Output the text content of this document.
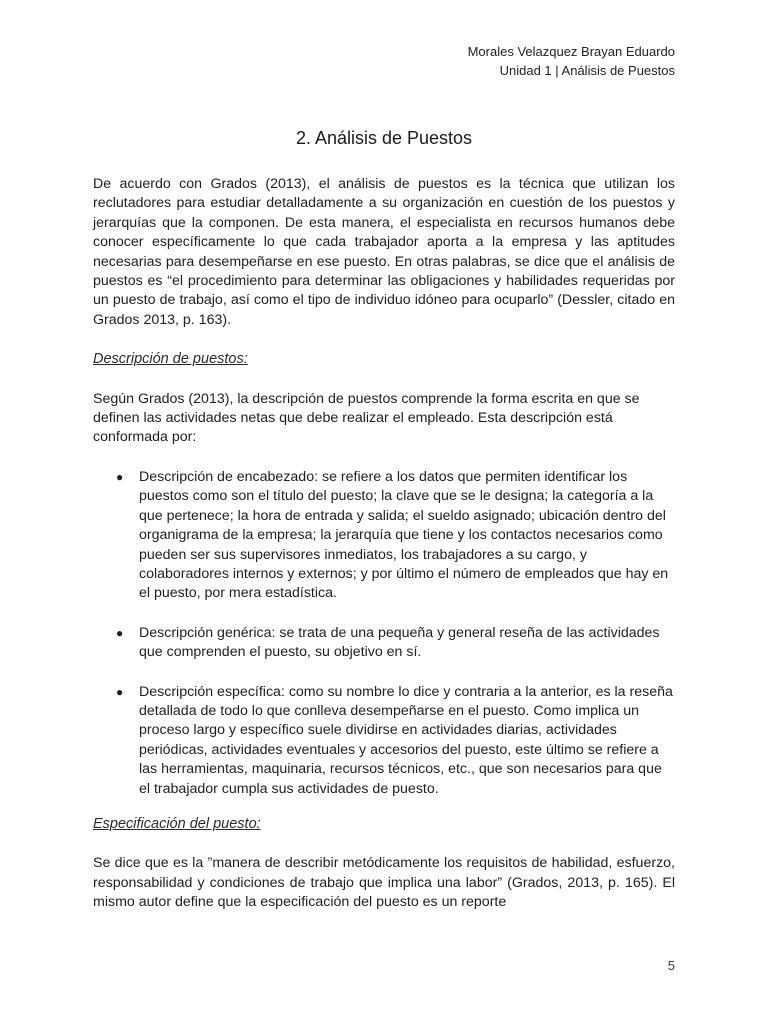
Morales Velazquez Brayan Eduardo
Unidad 1 | Análisis de Puestos
2. Análisis de Puestos

De acuerdo con Grados (2013), el análisis de puestos es la técnica que utilizan los reclutadores para estudiar detalladamente a su organización en cuestión de los puestos y jerarquías que la componen. De esta manera, el especialista en recursos humanos debe conocer específicamente lo que cada trabajador aporta a la empresa y las aptitudes necesarias para desempeñarse en ese puesto. En otras palabras, se dice que el análisis de puestos es “el procedimiento para determinar las obligaciones y habilidades requeridas por un puesto de trabajo, así como el tipo de individuo idóneo para ocuparlo” (Dessler, citado en Grados 2013, p. 163).

Descripción de puestos:

Según Grados (2013), la descripción de puestos comprende la forma escrita en que se definen las actividades netas que debe realizar el empleado. Esta descripción está conformada por:

● Descripción de encabezado: se refiere a los datos que permiten identificar los puestos como son el título del puesto; la clave que se le designa; la categoría a la que pertenece; la hora de entrada y salida; el sueldo asignado; ubicación dentro del organigrama de la empresa; la jerarquía que tiene y los contactos necesarios como pueden ser sus supervisores inmediatos, los trabajadores a su cargo, y colaboradores internos y externos; y por último el número de empleados que hay en el puesto, por mera estadística.
● Descripción genérica: se trata de una pequeña y general reseña de las actividades que comprenden el puesto, su objetivo en sí.
● Descripción específica: como su nombre lo dice y contraria a la anterior, es la reseña detallada de todo lo que conlleva desempeñarse en el puesto. Como implica un proceso largo y específico suele dividirse en actividades diarias, actividades periódicas, actividades eventuales y accesorios del puesto, este último se refiere a las herramientas, maquinaria, recursos técnicos, etc., que son necesarios para que el trabajador cumpla sus actividades de puesto.

Especificación del puesto:

Se dice que es la ”manera de describir metódicamente los requisitos de habilidad, esfuerzo, responsabilidad y condiciones de trabajo que implica una labor” (Grados, 2013, p. 165). El mismo autor define que la especificación del puesto es un reporte

5
